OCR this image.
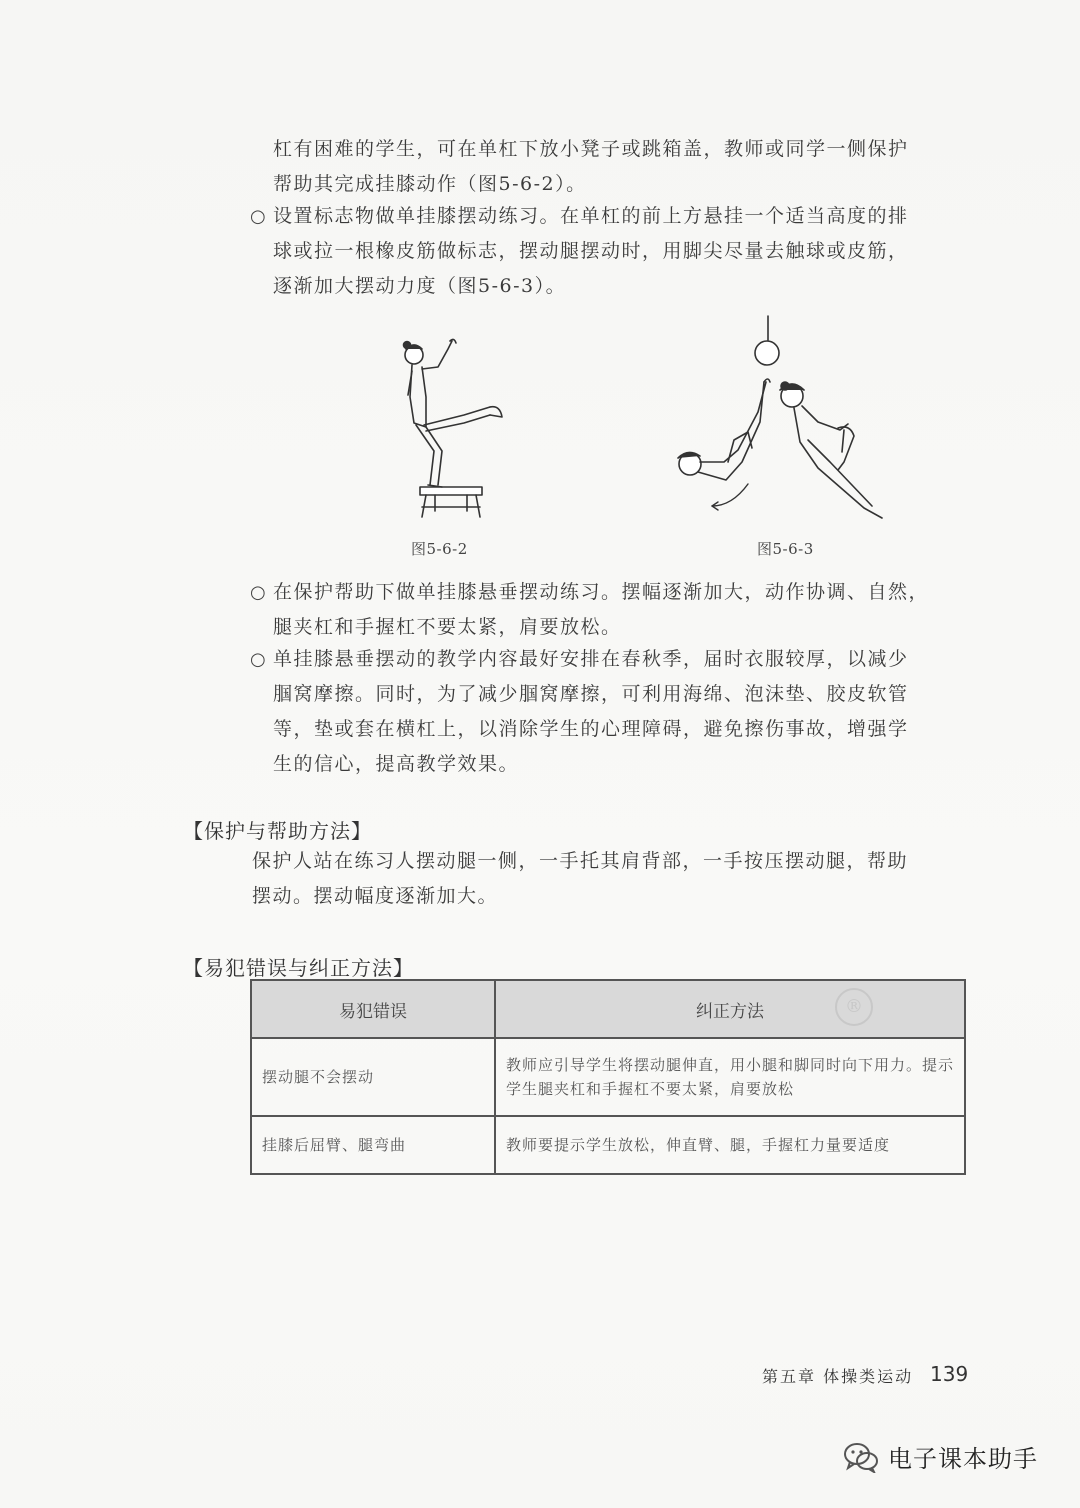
杠有困难的学生，可在单杠下放小凳子或跳箱盖，教师或同学一侧保护
帮助其完成挂膝动作（图5-6-2）。

○ 设置标志物做单挂膝摆动练习。在单杠的前上方悬挂一个适当高度的排
球或拉一根橡皮筋做标志，摆动腿摆动时，用脚尖尽量去触球或皮筋，
逐渐加大摆动力度（图5-6-3）。

图5-6-2	图5-6-3
○ 在保护帮助下做单挂膝悬垂摆动练习。摆幅逐渐加大，动作协调、自然，
腿夹杠和手握杠不要太紧，肩要放松。

○ 单挂膝悬垂摆动的教学内容最好安排在春秋季，届时衣服较厚，以减少
腘窝摩擦。同时，为了减少腘窝摩擦，可利用海绵、泡沫垫、胶皮软管
等，垫或套在横杠上，以消除学生的心理障碍，避免擦伤事故，增强学
生的信心，提高教学效果。

【保护与帮助方法】

保护人站在练习人摆动腿一侧，一手托其肩背部，一手按压摆动腿，帮助
摆动。摆动幅度逐渐加大。

【易犯错误与纠正方法】
易犯错误	纠正方法
摆动腿不会摆动	教师应引导学生将摆动腿伸直，用小腿和脚同时向下用力。提示学生腿夹杠和手握杠不要太紧，肩要放松
挂膝后屈臂、腿弯曲	教师要提示学生放松，伸直臂、腿，手握杠力量要适度
®
第五章 体操类运动 139
电子课本助手
